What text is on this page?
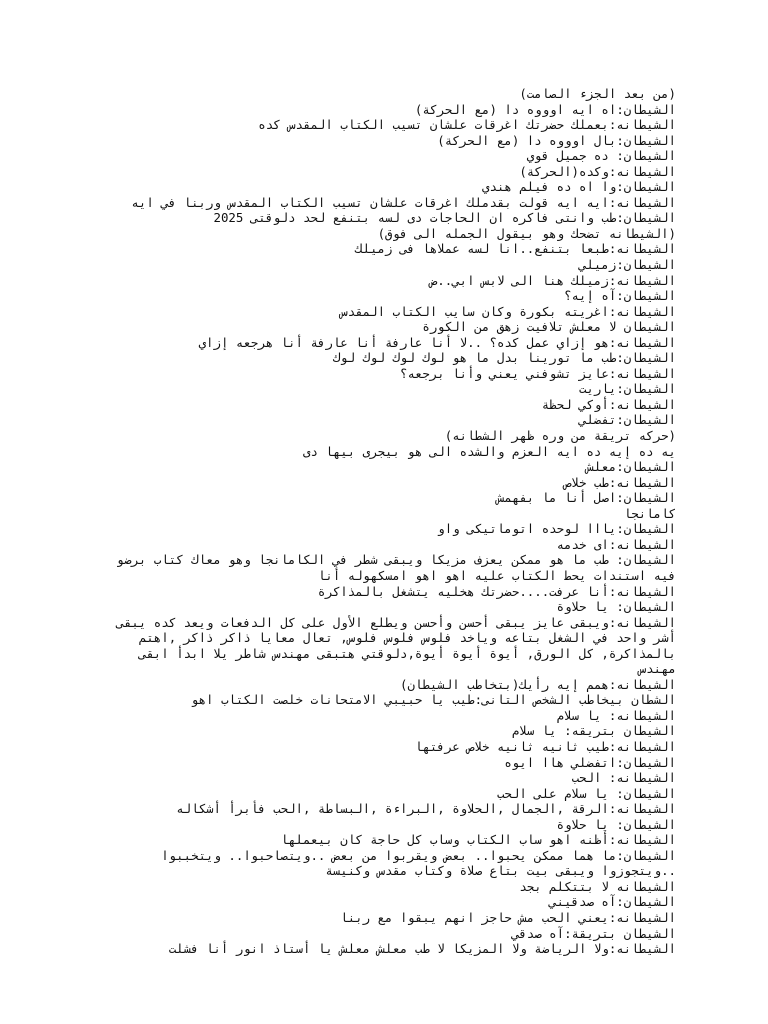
(من بعد الجزء الصامت)
الشيطان:اه ايه اوووه دا (مع الحركة)
الشيطانه:بعملك حضرتك اغرقات علشان تسيب الكتاب المقدس كده
الشيطان:بال اوووه دا (مع الحركة)
الشيطان: ده جميل قوي
الشيطانه:وكده(الحركة)
الشيطان:وا اه ده فيلم هندي
الشيطانه:ايه ايه قولت بقدملك اغرقات علشان تسيب الكتاب المقدس وربنا في ايه
الشيطان:طب وانتى فاكره ان الحاجات دى لسه بتنفع لحد دلوقتى 2025
(الشيطانه تضحك وهو بيقول الجمله الى فوق)
الشيطانه:طبعا بتنفع..انا لسه عملاها فى زميلك
الشيطان:زميلي
الشيطانه:زميلك هنا الى لابس ابي..ض
الشيطان:آه إيه؟
الشيطانه:اغريته بكورة وكان سايب الكتاب المقدس
الشيطان لا معلش تلافيت زهق من الكورة
الشيطانه:هو إزاي عمل كده؟ ..لا أنا عارفة أنا عارفة أنا هرجعه إزاي
الشيطان:طب ما تورينا بدل ما هو لوك لوك لوك لوك
الشيطانه:عايز تشوفني يعني وأنا برجعه؟
الشيطان:ياريت
الشيطانه:أوكي لحظة
الشيطان:تفضلي
(حركه تريقة من وره ظهر الشطانه)
يه ده إيه ده ايه العزم والشده الى هو بيجرى بيها دى
الشيطان:معلش
الشيطانه:طب خلاص
الشيطان:اصل أنا ما بفهمش
كامانجا
الشيطان:يااا لوحده اتوماتيكى واو
الشيطانه:اى خدمه
الشيطان: طب ما هو ممكن يعزف مزيكا ويبقى شطر في الكامانجا وهو معاك كتاب برضو فيه استندات يحط الكتاب عليه اهو اهو امسكهوله أنا
الشيطانه:أنا عرفت....حضرتك هخليه يتشغل بالمذاكرة
الشيطان: يا حلاوة
الشيطانه:ويبقى عايز يبقى أحسن وأحسن ويطلع الأول على كل الدفعات ويعد كده يبقى أشر واحد في الشغل بتاعه وياخد فلوس فلوس فلوس, تعال معايا ذاكر ذاكر ,اهتم بالمذاكرة, كل الورق, أيوة أيوة أيوة,دلوقتي هتبقى مهندس شاطر يلا ابدأ ابقى مهندس
الشيطانه:همم إيه رأيك(بتخاطب الشيطان)
الشطان بيخاطب الشخص التانى:طيب يا حبيبي الامتحانات خلصت الكتاب اهو
الشيطانه: يا سلام
الشيطان بتريقه: يا سلام
الشيطانه:طيب ثانيه ثانيه خلاص عرفتها
الشيطان:اتفضلي هاا ايوه
الشيطانه: الحب
الشيطان: يا سلام على الحب
الشيطانه:الرقة ,الجمال ,الحلاوة ,البراءة ,البساطة ,الحب فأبرأ أشكاله
الشيطان: يا حلاوة
الشيطانه:أظنه اهو ساب الكتاب وساب كل حاجة كان بيعملها
الشيطان:ما هما ممكن يحبوا.. بعض ويقربوا من بعض ..ويتصاحبوا.. ويتخببوا ..ويتجوزوا ويبقى بيت بتاع صلاة وكتاب مقدس وكنيسة
الشيطانه لا بتتكلم بجد
الشيطان:آه صدقيني
الشيطانه:يعني الحب مش حاجز انهم يبقوا مع ربنا
الشيطان بتريقة:آه صدقي
الشيطانه:ولا الرياضة ولا المزيكا لا طب معلش معلش يا أستاذ انور أنا فشلت
